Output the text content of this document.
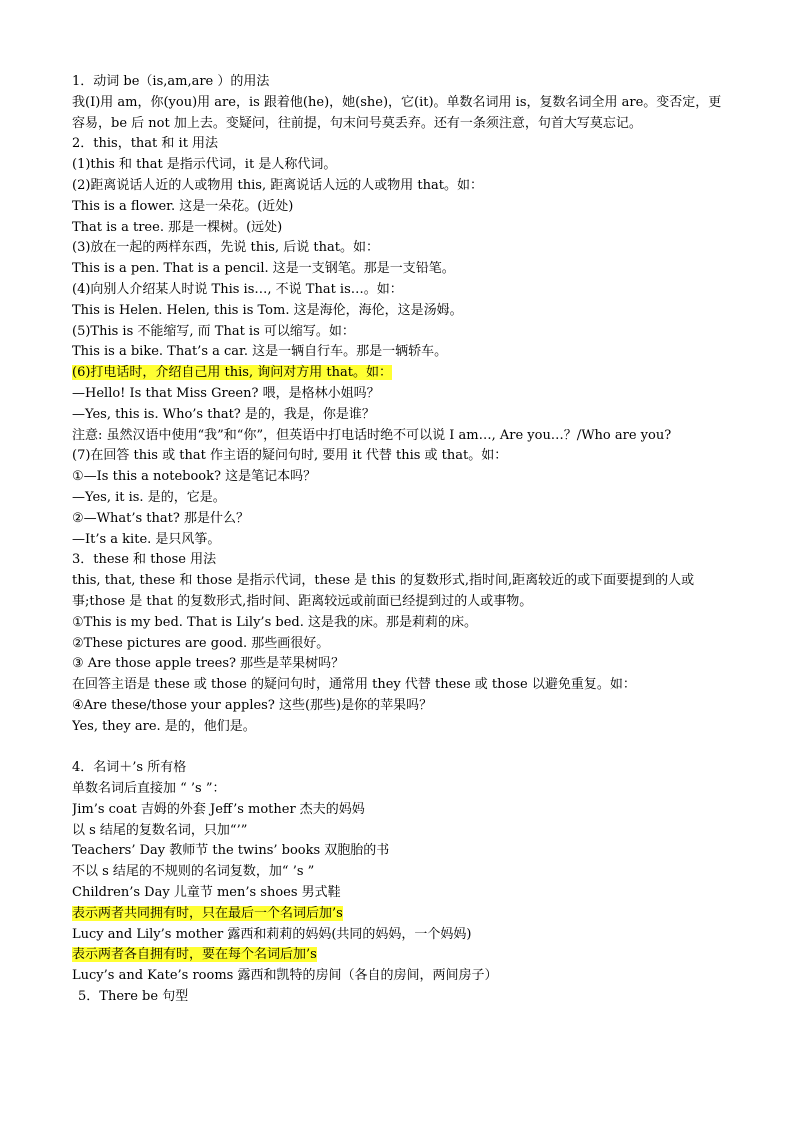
1．动词 be（is,am,are ）的用法
我(I)用 am，你(you)用 are，is 跟着他(he)，她(she)，它(it)。单数名词用 is，复数名词全用 are。变否定，更容易，be 后 not 加上去。变疑问，往前提，句末问号莫丢弃。还有一条须注意，句首大写莫忘记。
2．this，that 和 it 用法
(1)this 和 that 是指示代词，it 是人称代词。
(2)距离说话人近的人或物用 this, 距离说话人远的人或物用 that。如：
This is a flower. 这是一朵花。(近处)
That is a tree. 那是一棵树。(远处)
(3)放在一起的两样东西，先说 this, 后说 that。如：
This is a pen. That is a pencil. 这是一支钢笔。那是一支铅笔。
(4)向别人介绍某人时说 This is…, 不说 That is…。如：
This is Helen. Helen, this is Tom. 这是海伦，海伦，这是汤姆。
(5)This is 不能缩写, 而 That is 可以缩写。如：
This is a bike. That’s a car. 这是一辆自行车。那是一辆轿车。
(6)打电话时，介绍自己用 this, 询问对方用 that。如：
—Hello! Is that Miss Green? 喂，是格林小姐吗？
—Yes, this is. Who’s that? 是的，我是，你是谁？
注意: 虽然汉语中使用“我”和“你”，但英语中打电话时绝不可以说 I am…, Are you…？/Who are you?
(7)在回答 this 或 that 作主语的疑问句时, 要用 it 代替 this 或 that。如：
①—Is this a notebook? 这是笔记本吗？
—Yes, it is. 是的，它是。
②—What’s that? 那是什么？
—It’s a kite. 是只风筝。
3．these 和 those 用法
this, that, these 和 those 是指示代词，these 是 this 的复数形式,指时间,距离较近的或下面要提到的人或事;those 是 that 的复数形式,指时间、距离较远或前面已经提到过的人或事物。
①This is my bed. That is Lily’s bed. 这是我的床。那是莉莉的床。
②These pictures are good. 那些画很好。
③ Are those apple trees? 那些是苹果树吗？
在回答主语是 these 或 those 的疑问句时，通常用 they 代替 these 或 those 以避免重复。如：
④Are these/those your apples? 这些(那些)是你的苹果吗？
Yes, they are. 是的，他们是。
4．名词＋’s 所有格
单数名词后直接加 “ ’s ”：
Jim’s coat 吉姆的外套 Jeff’s mother 杰夫的妈妈
以 s 结尾的复数名词，只加“’”
Teachers’ Day 教师节 the twins’ books 双胞胎的书
不以 s 结尾的不规则的名词复数，加“ ’s ”
Children’s Day 儿童节 men’s shoes 男式鞋
表示两者共同拥有时，只在最后一个名词后加’s
Lucy and Lily’s mother 露西和莉莉的妈妈(共同的妈妈，一个妈妈)
表示两者各自拥有时，要在每个名词后加’s
Lucy’s and Kate’s rooms 露西和凯特的房间（各自的房间，两间房子）
5．There be 句型
